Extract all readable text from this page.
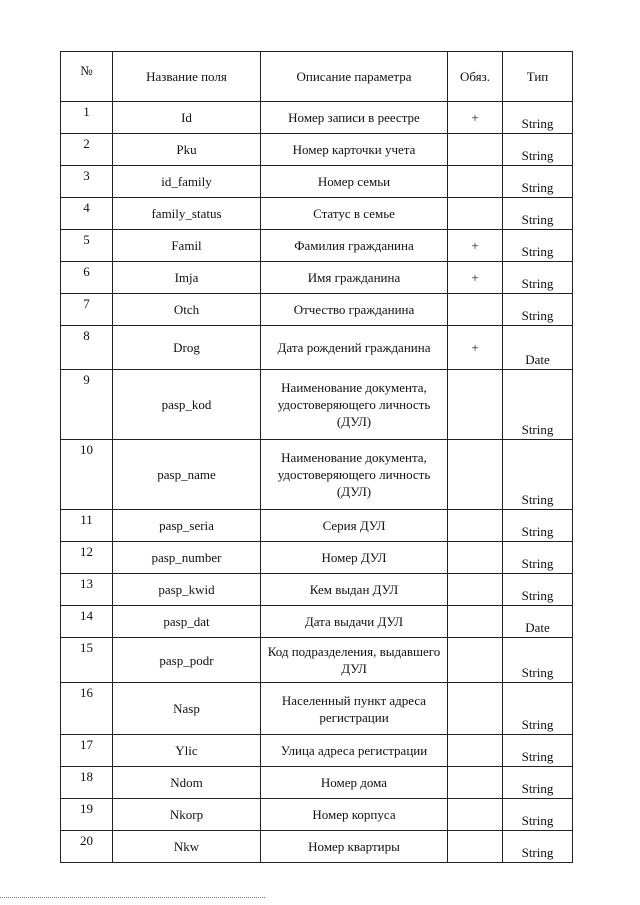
№	Название поля	Описание параметра	Обяз.	Тип
1	Id	Номер записи в реестре	+	String
2	Pku	Номер карточки учета		String
3	id_family	Номер семьи		String
4	family_status	Статус в семье		String
5	Famil	Фамилия гражданина	+	String
6	Imja	Имя гражданина	+	String
7	Otch	Отчество гражданина		String
8	Drog	Дата рождений гражданина	+	Date
9	pasp_kod	Наименование документа, удостоверяющего личность (ДУЛ)		String
10	pasp_name	Наименование документа, удостоверяющего личность (ДУЛ)		String
11	pasp_seria	Серия ДУЛ		String
12	pasp_number	Номер ДУЛ		String
13	pasp_kwid	Кем выдан ДУЛ		String
14	pasp_dat	Дата выдачи ДУЛ		Date
15	pasp_podr	Код подразделения, выдавшего ДУЛ		String
16	Nasp	Населенный пункт адреса регистрации		String
17	Ylic	Улица адреса регистрации		String
18	Ndom	Номер дома		String
19	Nkorp	Номер корпуса		String
20	Nkw	Номер квартиры		String
